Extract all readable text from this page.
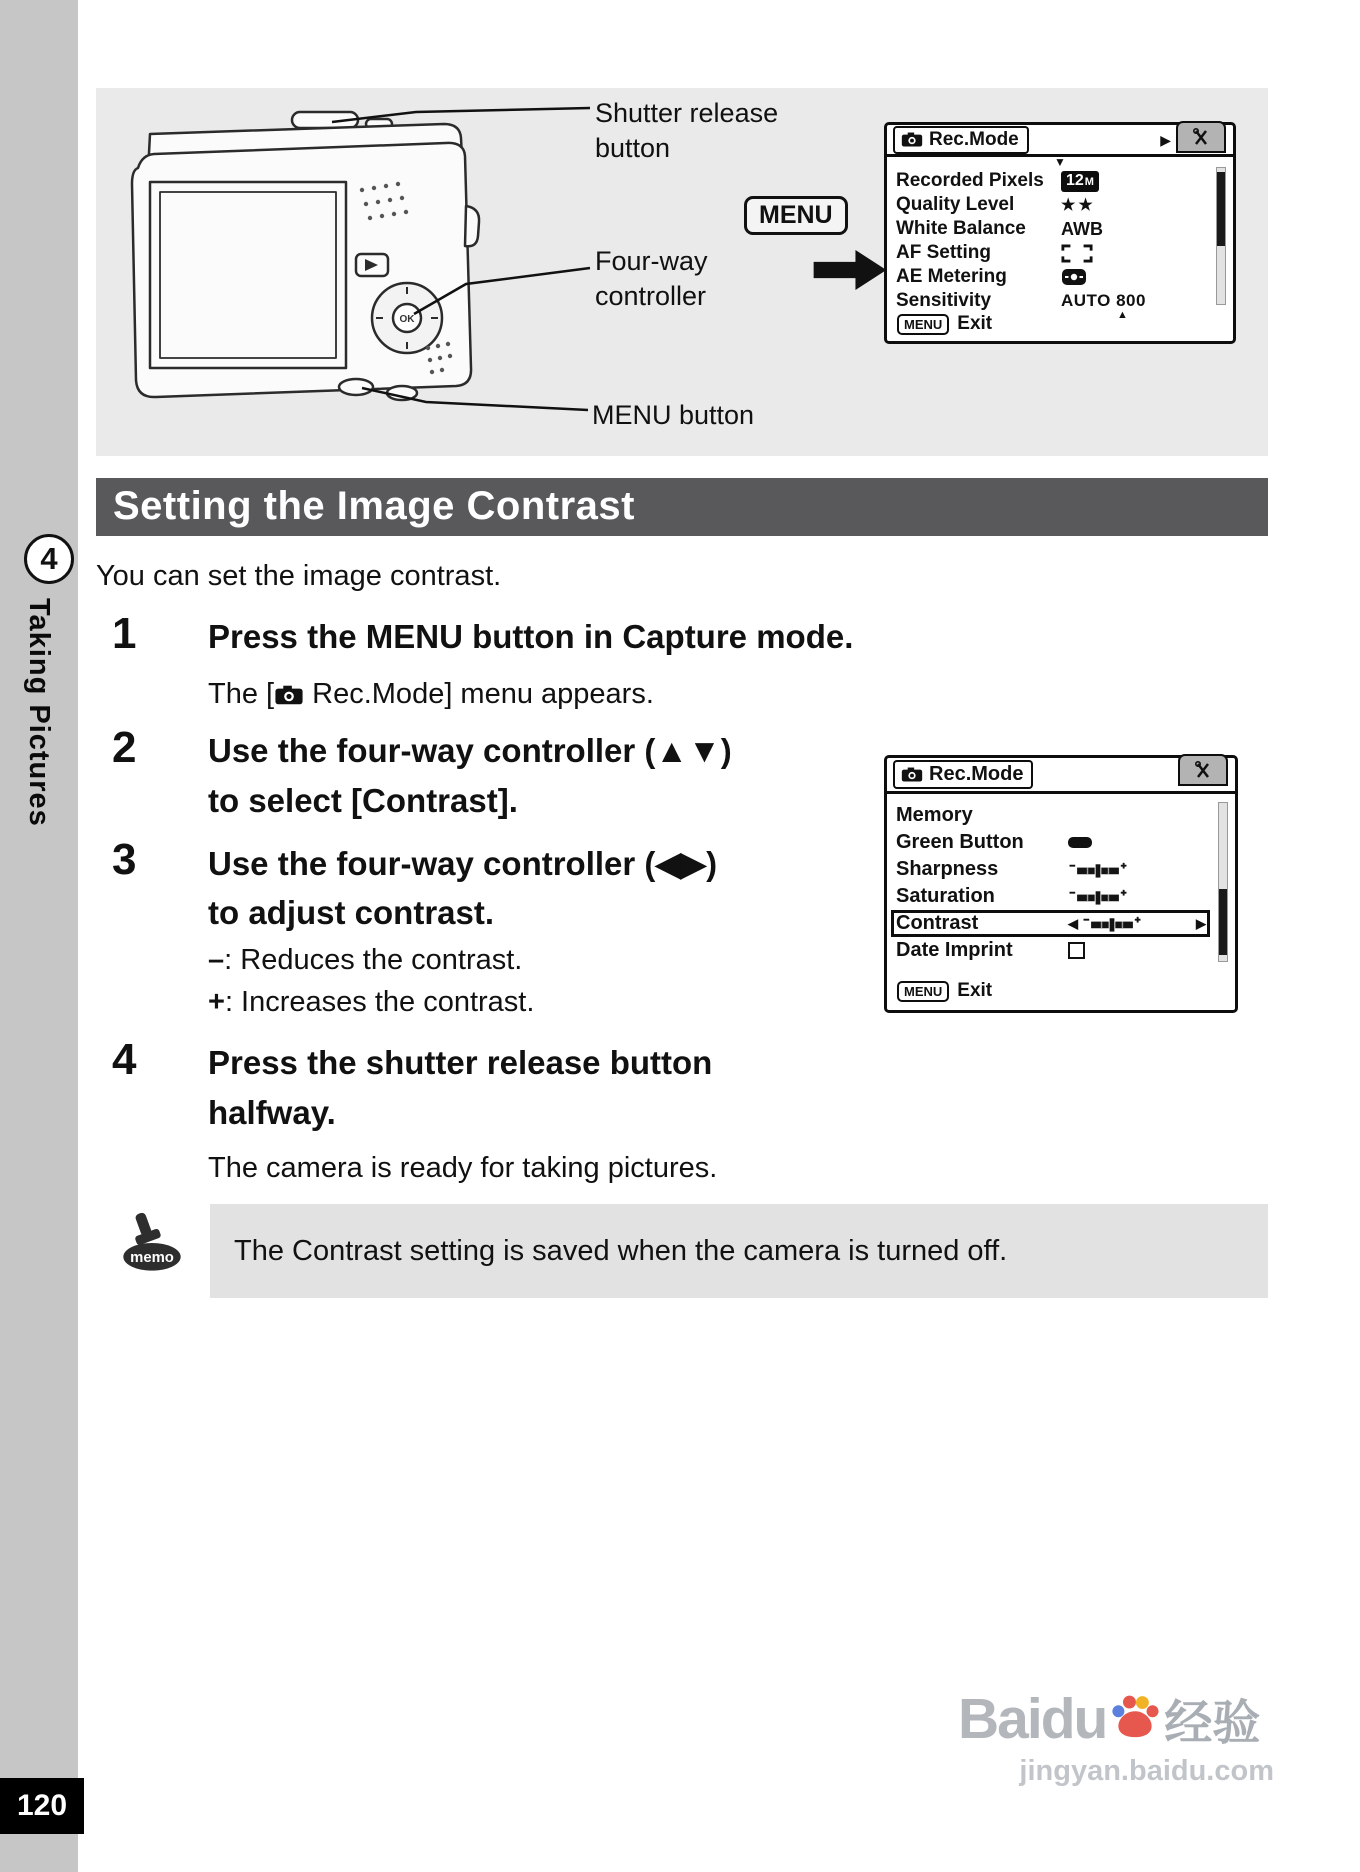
4
Taking Pictures
120
OK
Shutter release button
MENU
Four-way controller
MENU button
Rec.Mode	▶
▼
Recorded Pixels	12 M
Quality Level	★★
White Balance	AWB
AF Setting
AE Metering
Sensitivity	AUTO 800
▲
MENU Exit
Setting the Image Contrast

You can set the image contrast.

1 Press the MENU button in Capture mode.

The [ Rec.Mode] menu appears.

2 Use the four-way controller (▲▼)
to select [Contrast].
3 Use the four-way controller (◀▶)
to adjust contrast.

–: Reduces the contrast.

+: Increases the contrast.

4 Press the shutter release button
halfway.

The camera is ready for taking pictures.

Rec.Mode
Memory
Green Button
Sharpness
Saturation
Contrast	◀	▶
Date Imprint
MENU Exit
memo The Contrast setting is saved when the camera is turned off.
Baidu 经验
jingyan.baidu.com
